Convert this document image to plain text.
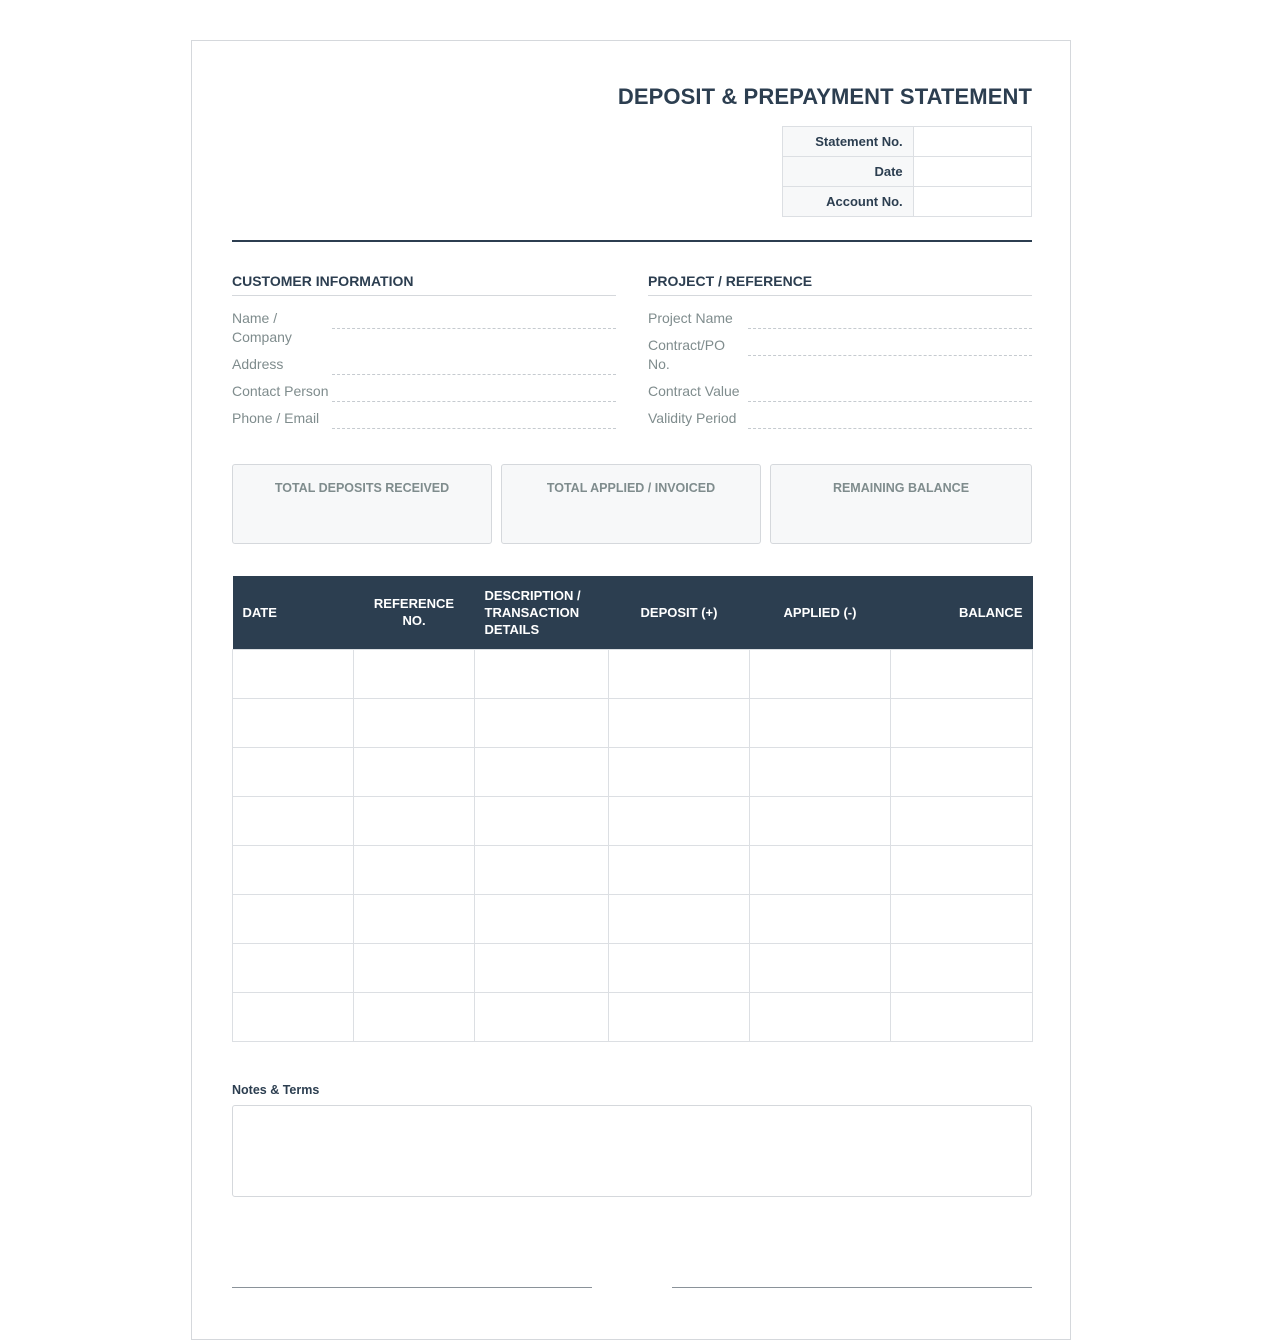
DEPOSIT & PREPAYMENT STATEMENT
Statement No.	
Date	
Account No.	
CUSTOMER INFORMATION
Name / Company
Address
Contact Person
Phone / Email
PROJECT / REFERENCE
Project Name
Contract/PO No.
Contract Value
Validity Period
TOTAL DEPOSITS RECEIVED	TOTAL APPLIED / INVOICED	REMAINING BALANCE
DATE	REFERENCE NO.	DESCRIPTION / TRANSACTION DETAILS	DEPOSIT (+)	APPLIED (-)	BALANCE

Notes & Terms
